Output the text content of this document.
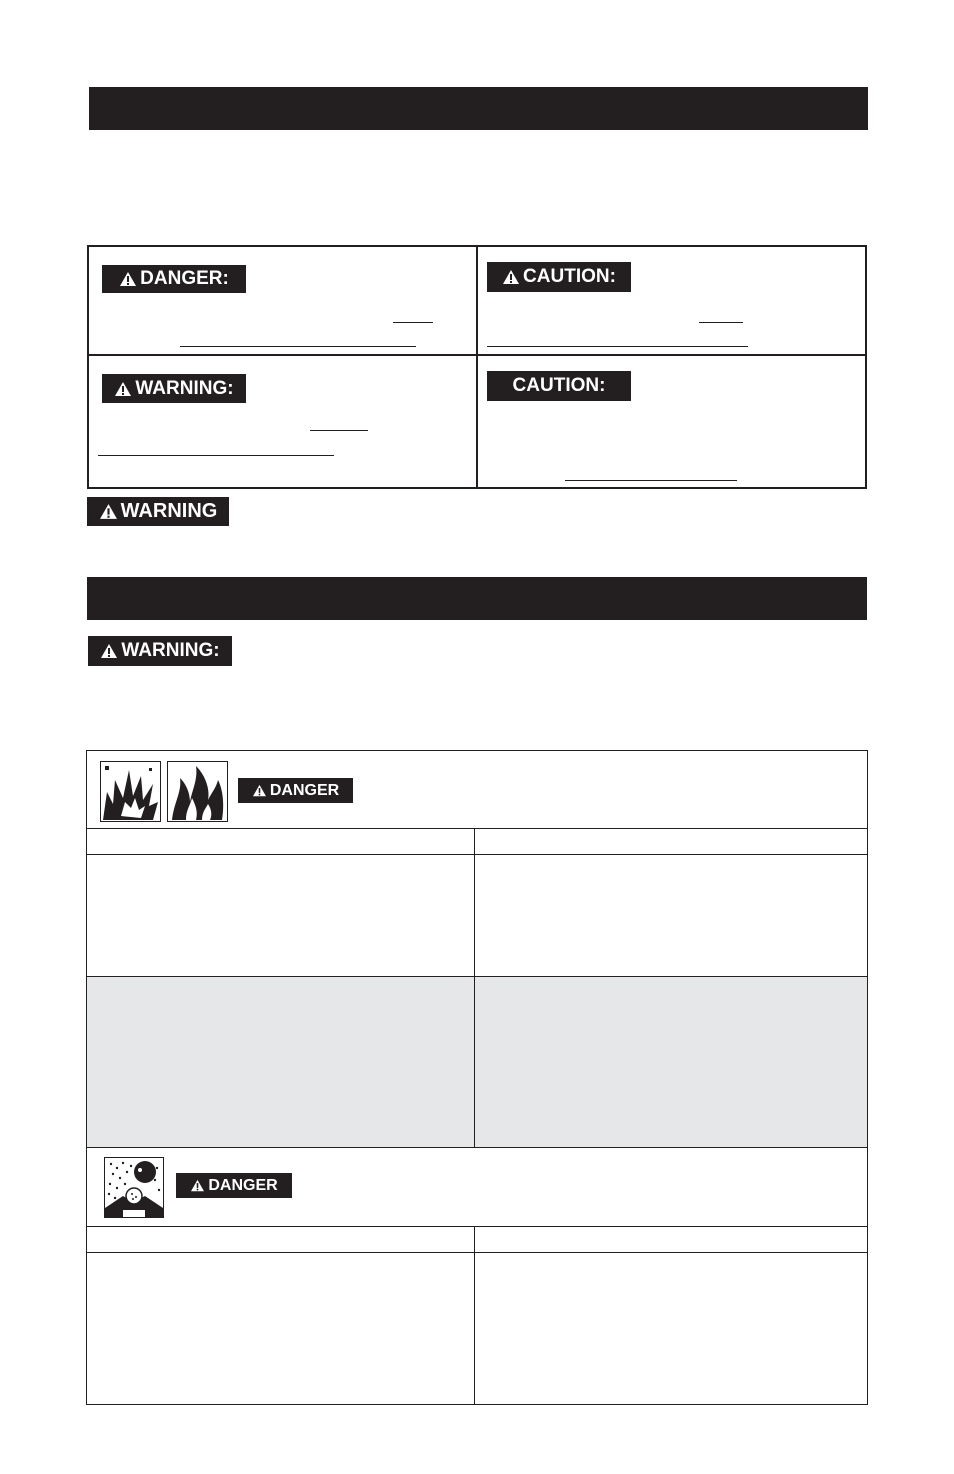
DANGER:	CAUTION:
WARNING:	CAUTION:
WARNING
WARNING:
DANGER
DANGER
